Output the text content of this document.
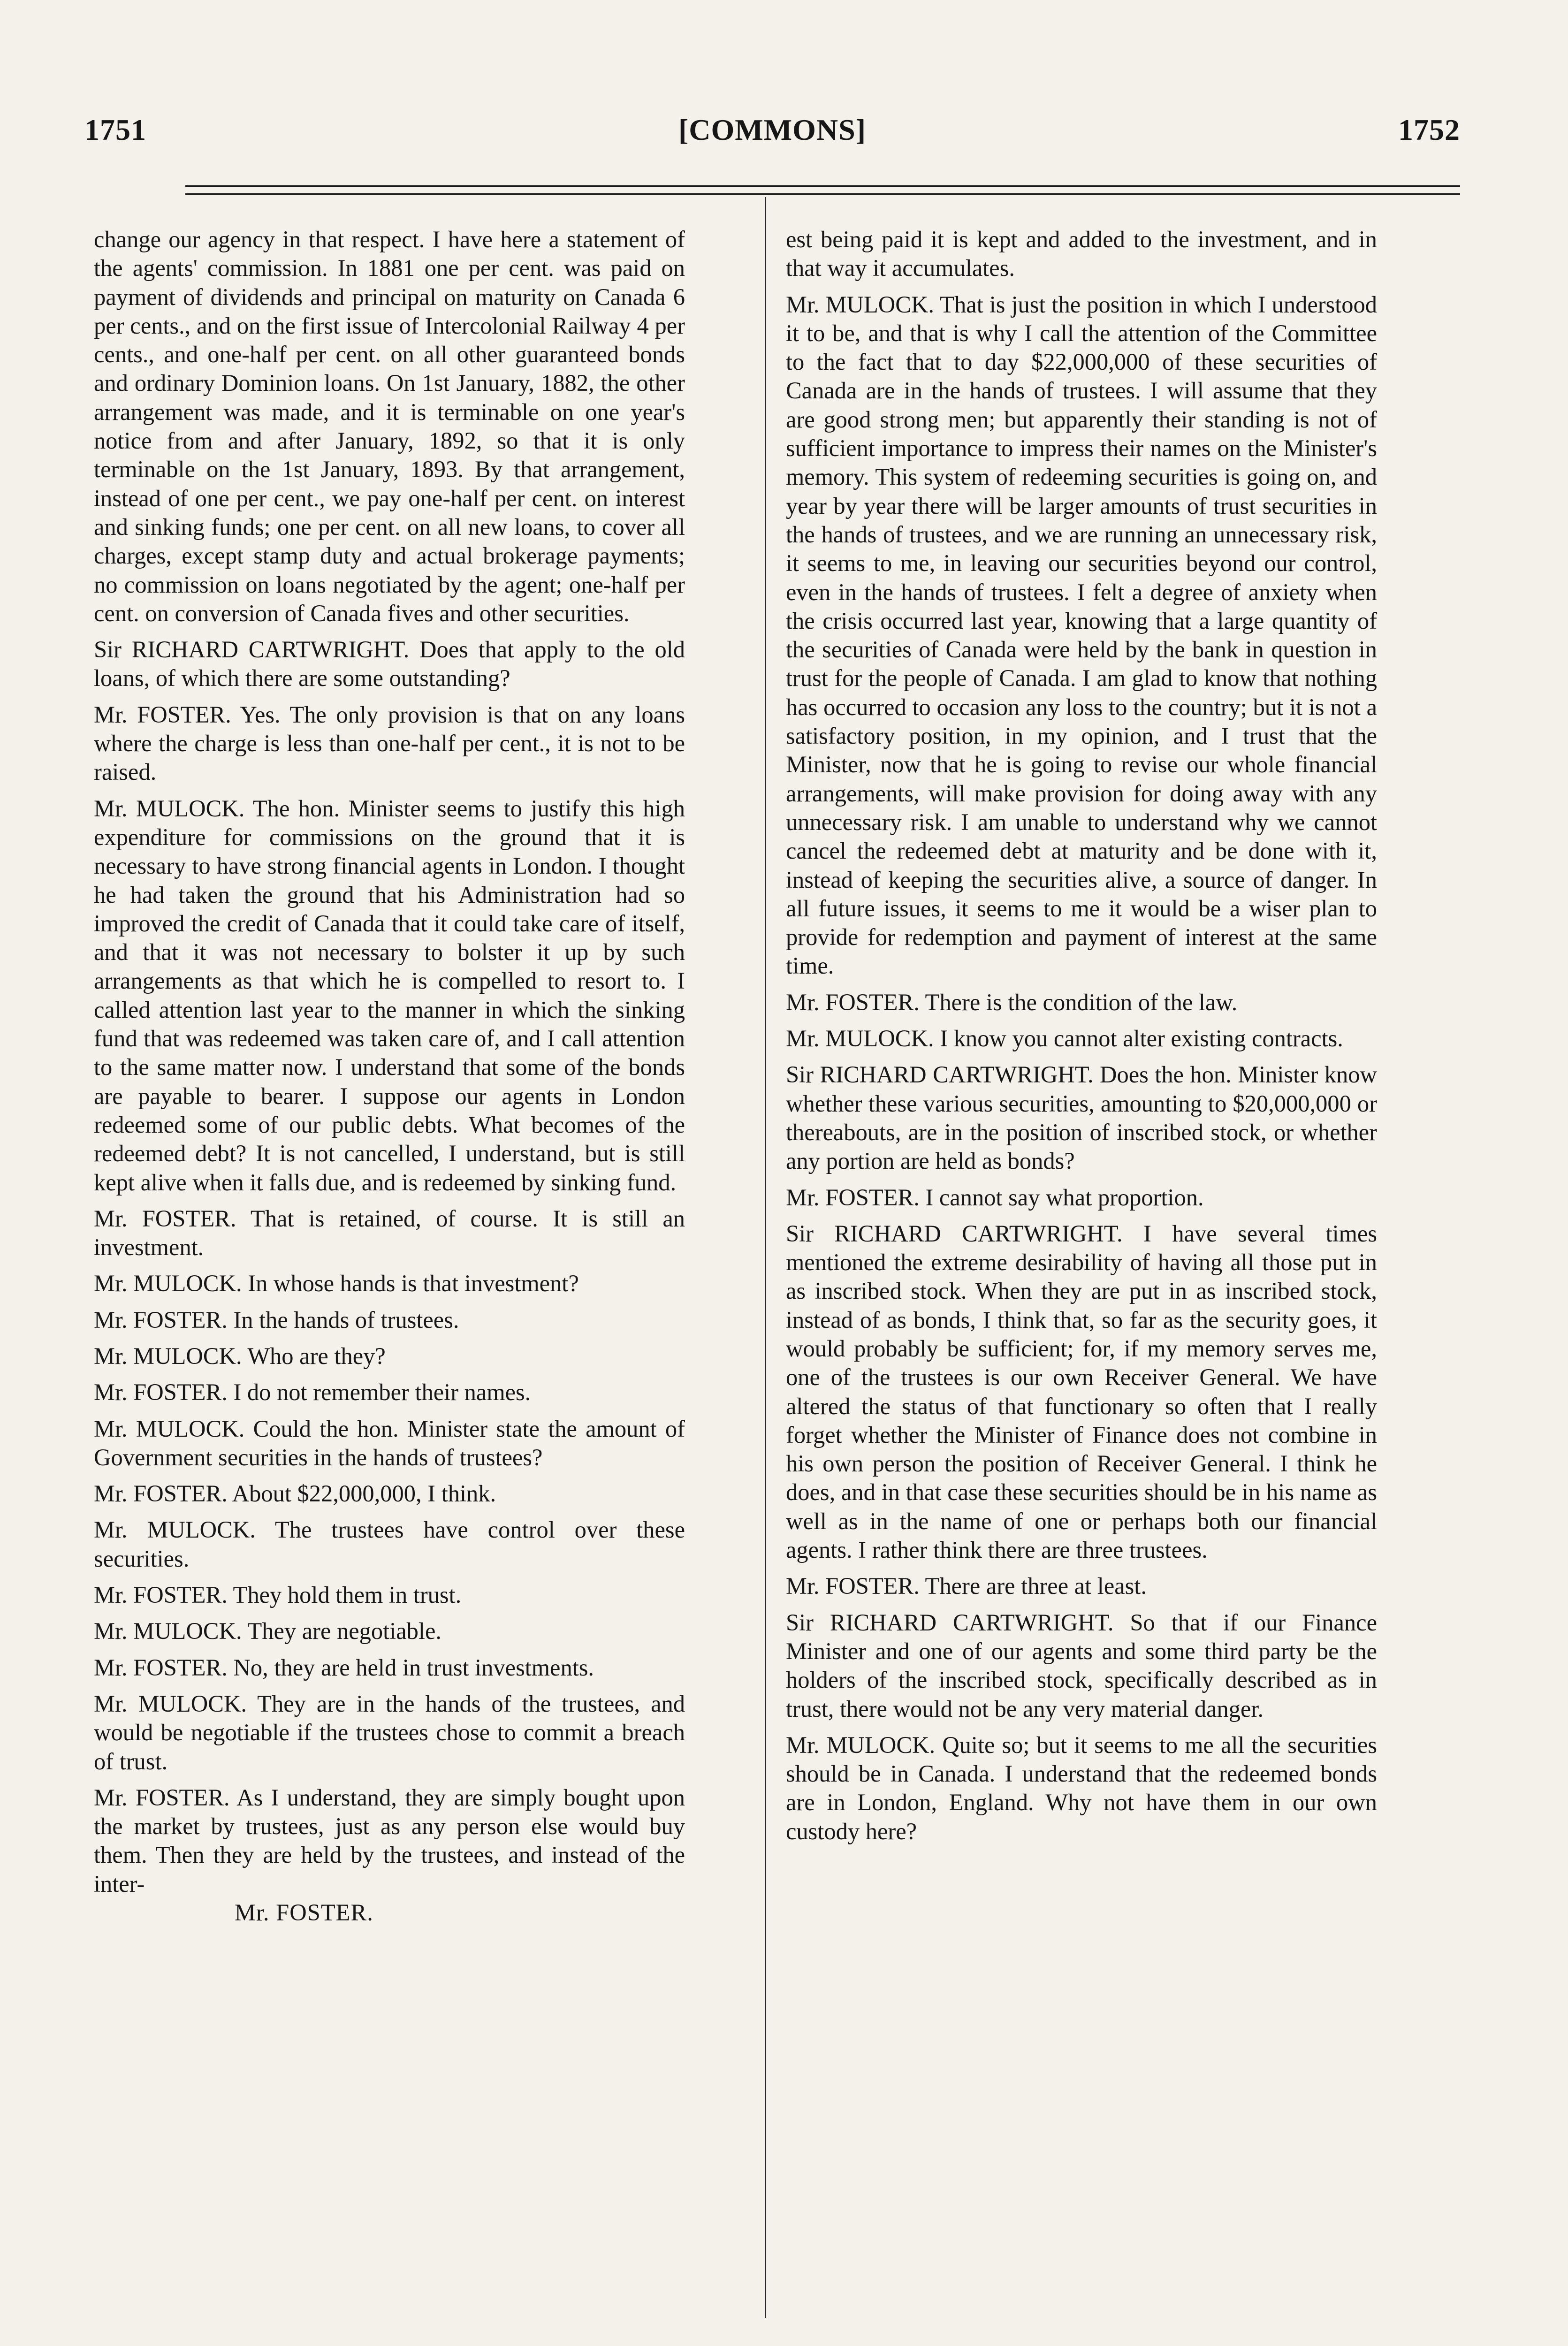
1751	[COMMONS]	1752

change our agency in that respect. I have here a statement of the agents' commission. In 1881 one per cent. was paid on payment of dividends and principal on maturity on Canada 6 per cents., and on the first issue of Intercolonial Railway 4 per cents., and one-half per cent. on all other guaranteed bonds and ordinary Dominion loans. On 1st January, 1882, the other arrangement was made, and it is terminable on one year's notice from and after January, 1892, so that it is only terminable on the 1st January, 1893. By that arrangement, instead of one per cent., we pay one-half per cent. on interest and sinking funds; one per cent. on all new loans, to cover all charges, except stamp duty and actual brokerage payments; no commission on loans negotiated by the agent; one-half per cent. on conversion of Canada fives and other securities.

Sir RICHARD CARTWRIGHT. Does that apply to the old loans, of which there are some outstanding?

Mr. FOSTER. Yes. The only provision is that on any loans where the charge is less than one-half per cent., it is not to be raised.

Mr. MULOCK. The hon. Minister seems to justify this high expenditure for commissions on the ground that it is necessary to have strong financial agents in London. I thought he had taken the ground that his Administration had so improved the credit of Canada that it could take care of itself, and that it was not necessary to bolster it up by such arrangements as that which he is compelled to resort to. I called attention last year to the manner in which the sinking fund that was redeemed was taken care of, and I call attention to the same matter now. I understand that some of the bonds are payable to bearer. I suppose our agents in London redeemed some of our public debts. What becomes of the redeemed debt? It is not cancelled, I understand, but is still kept alive when it falls due, and is redeemed by sinking fund.

Mr. FOSTER. That is retained, of course. It is still an investment.

Mr. MULOCK. In whose hands is that investment?

Mr. FOSTER. In the hands of trustees.

Mr. MULOCK. Who are they?

Mr. FOSTER. I do not remember their names.

Mr. MULOCK. Could the hon. Minister state the amount of Government securities in the hands of trustees?

Mr. FOSTER. About $22,000,000, I think.

Mr. MULOCK. The trustees have control over these securities.

Mr. FOSTER. They hold them in trust.

Mr. MULOCK. They are negotiable.

Mr. FOSTER. No, they are held in trust investments.

Mr. MULOCK. They are in the hands of the trustees, and would be negotiable if the trustees chose to commit a breach of trust.

Mr. FOSTER. As I understand, they are simply bought upon the market by trustees, just as any person else would buy them. Then they are held by the trustees, and instead of the inter-

Mr. FOSTER.

est being paid it is kept and added to the investment, and in that way it accumulates.

Mr. MULOCK. That is just the position in which I understood it to be, and that is why I call the attention of the Committee to the fact that to day $22,000,000 of these securities of Canada are in the hands of trustees. I will assume that they are good strong men; but apparently their standing is not of sufficient importance to impress their names on the Minister's memory. This system of redeeming securities is going on, and year by year there will be larger amounts of trust securities in the hands of trustees, and we are running an unnecessary risk, it seems to me, in leaving our securities beyond our control, even in the hands of trustees. I felt a degree of anxiety when the crisis occurred last year, knowing that a large quantity of the securities of Canada were held by the bank in question in trust for the people of Canada. I am glad to know that nothing has occurred to occasion any loss to the country; but it is not a satisfactory position, in my opinion, and I trust that the Minister, now that he is going to revise our whole financial arrangements, will make provision for doing away with any unnecessary risk. I am unable to understand why we cannot cancel the redeemed debt at maturity and be done with it, instead of keeping the securities alive, a source of danger. In all future issues, it seems to me it would be a wiser plan to provide for redemption and payment of interest at the same time.

Mr. FOSTER. There is the condition of the law.

Mr. MULOCK. I know you cannot alter existing contracts.

Sir RICHARD CARTWRIGHT. Does the hon. Minister know whether these various securities, amounting to $20,000,000 or thereabouts, are in the position of inscribed stock, or whether any portion are held as bonds?

Mr. FOSTER. I cannot say what proportion.

Sir RICHARD CARTWRIGHT. I have several times mentioned the extreme desirability of having all those put in as inscribed stock. When they are put in as inscribed stock, instead of as bonds, I think that, so far as the security goes, it would probably be sufficient; for, if my memory serves me, one of the trustees is our own Receiver General. We have altered the status of that functionary so often that I really forget whether the Minister of Finance does not combine in his own person the position of Receiver General. I think he does, and in that case these securities should be in his name as well as in the name of one or perhaps both our financial agents. I rather think there are three trustees.

Mr. FOSTER. There are three at least.

Sir RICHARD CARTWRIGHT. So that if our Finance Minister and one of our agents and some third party be the holders of the inscribed stock, specifically described as in trust, there would not be any very material danger.

Mr. MULOCK. Quite so; but it seems to me all the securities should be in Canada. I understand that the redeemed bonds are in London, England. Why not have them in our own custody here?
